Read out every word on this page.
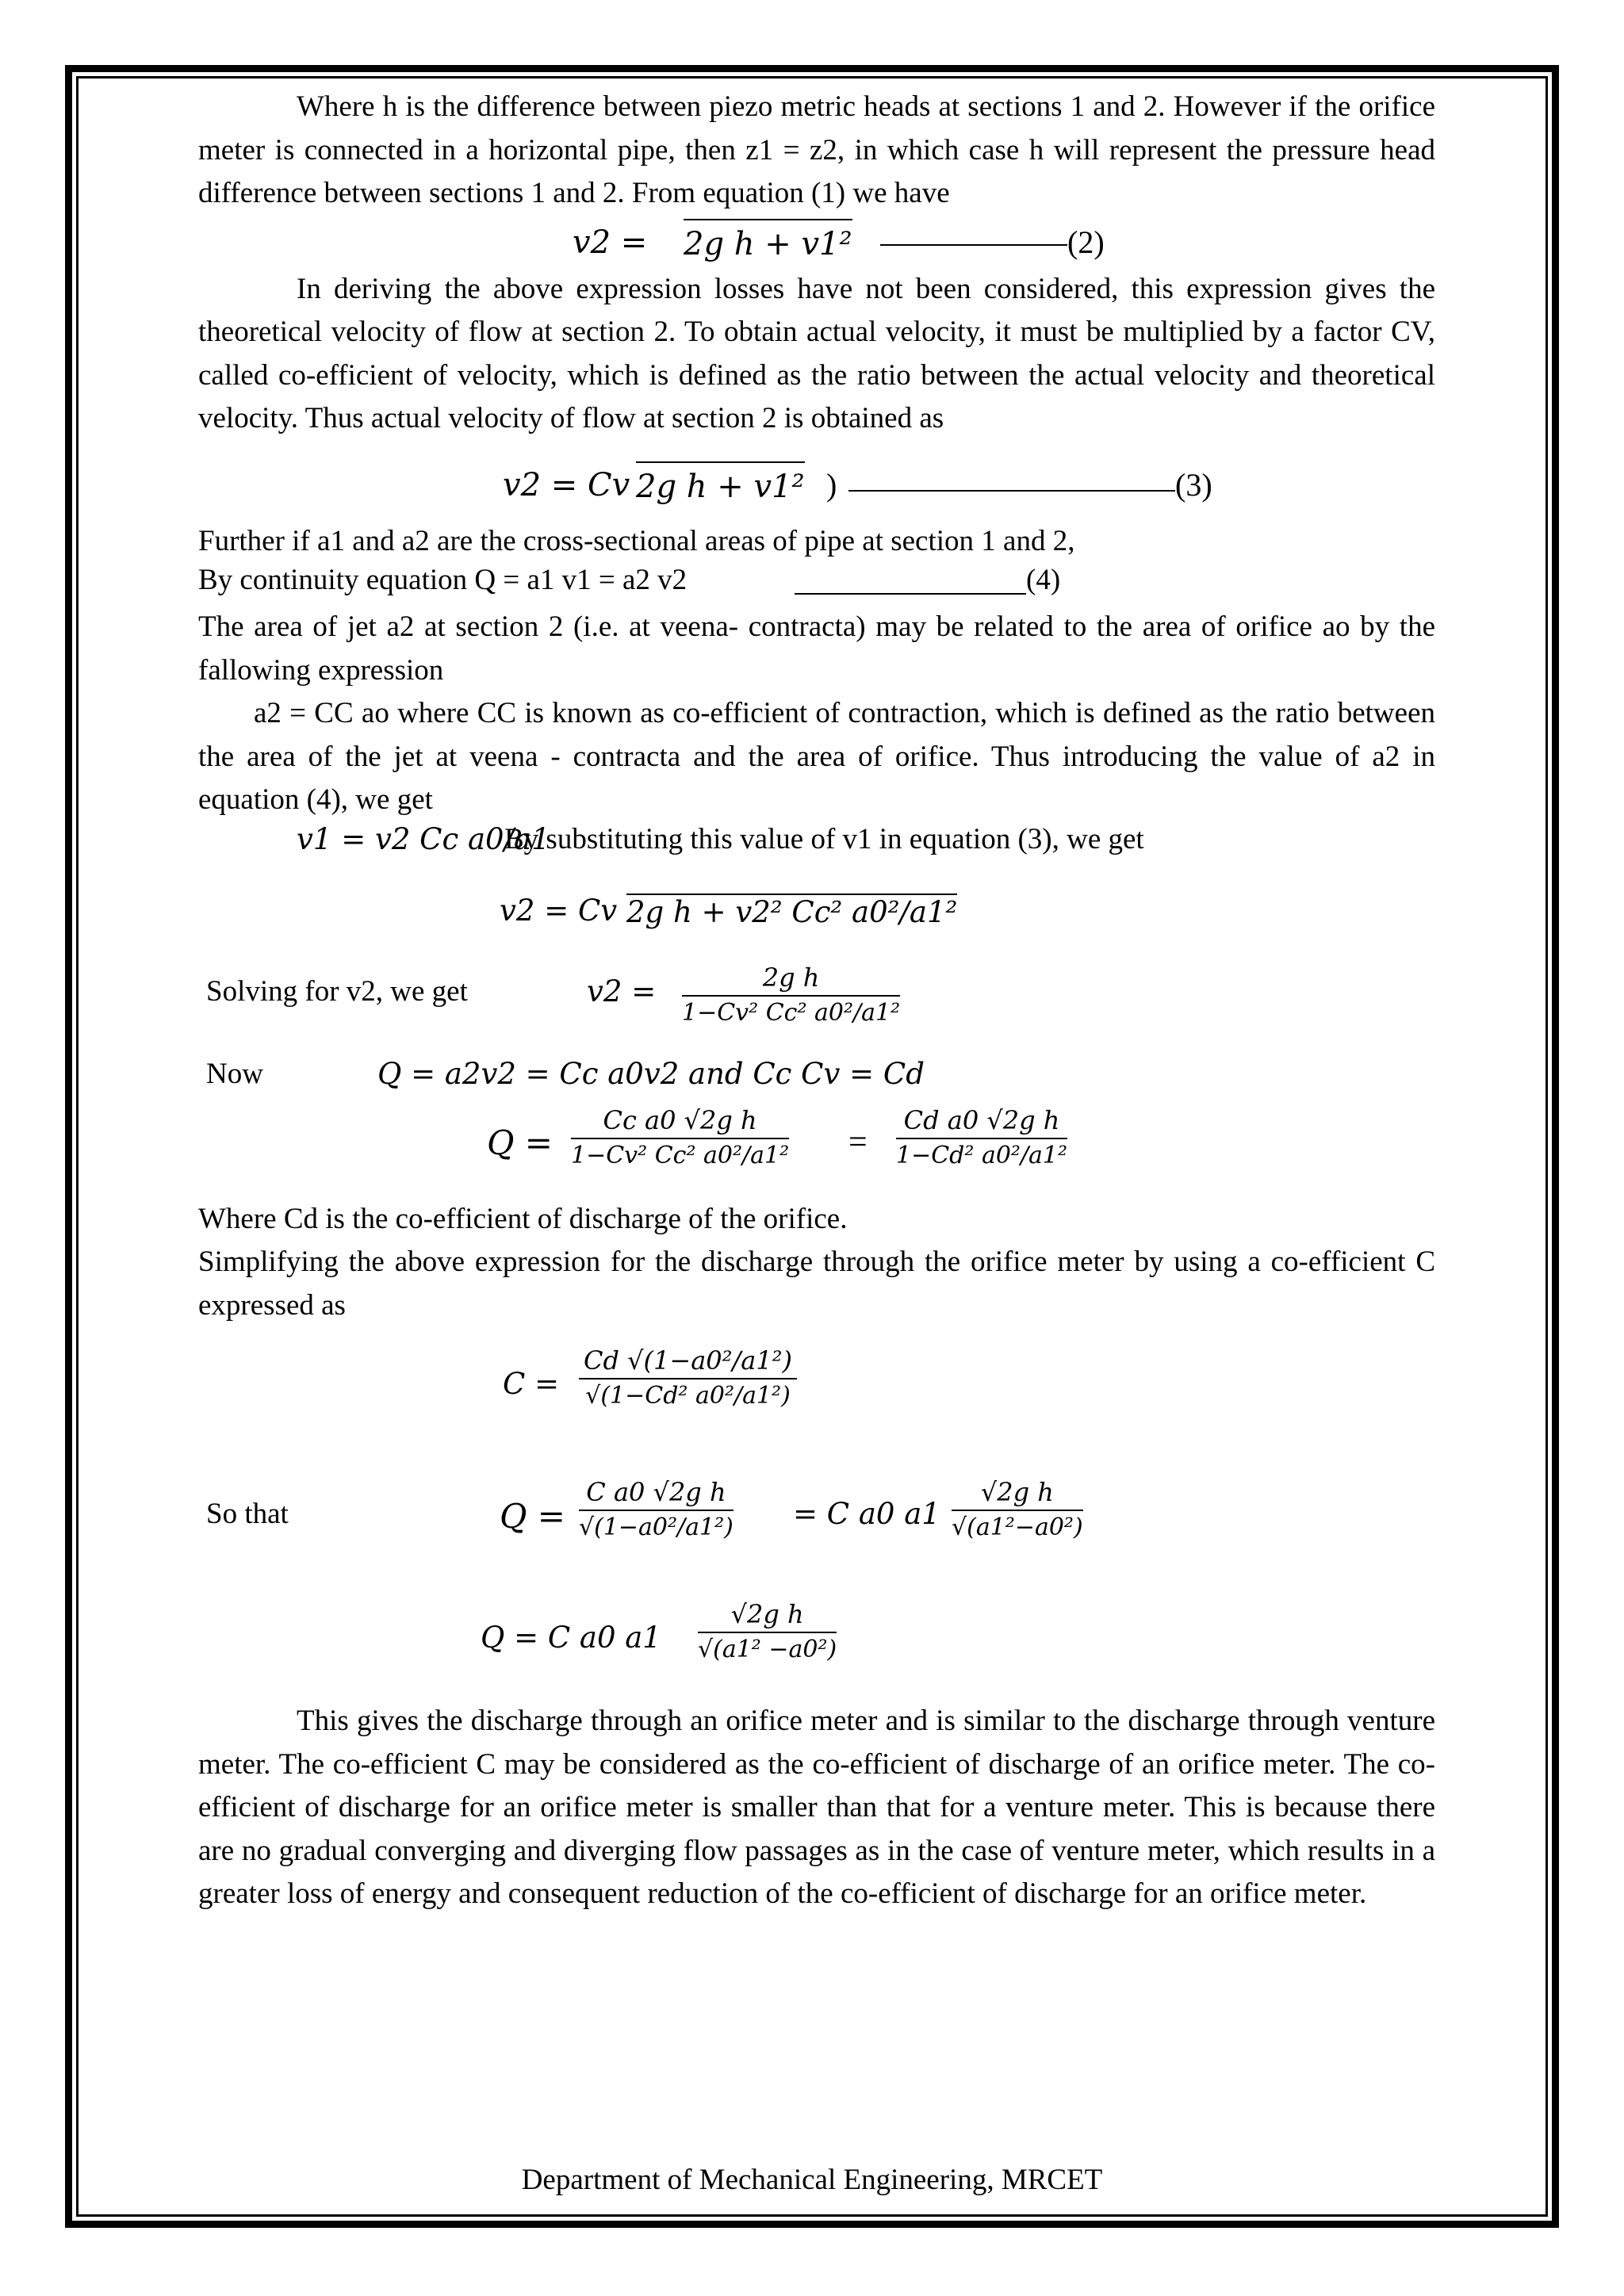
Where h is the difference between piezo metric heads at sections 1 and 2. However if the orifice meter is connected in a horizontal pipe, then z1 = z2, in which case h will represent the pressure head difference between sections 1 and 2. From equation (1) we have

v2 = 2g h + v1²	(2)

In deriving the above expression losses have not been considered, this expression gives the theoretical velocity of flow at section 2. To obtain actual velocity, it must be multiplied by a factor CV, called co-efficient of velocity, which is defined as the ratio between the actual velocity and theoretical velocity. Thus actual velocity of flow at section 2 is obtained as

v2 = Cv 2g h + v1² )	(3)

Further if a1 and a2 are the cross-sectional areas of pipe at section 1 and 2,

By continuity equation Q = a1 v1 = a2 v2	(4)

The area of jet a2 at section 2 (i.e. at veena- contracta) may be related to the area of orifice ao by the fallowing expression

a2 = CC ao where CC is known as co-efficient of contraction, which is defined as the ratio between the area of the jet at veena - contracta and the area of orifice. Thus introducing the value of a2 in equation (4), we get

v1 = v2 Cc a0/a1
By substituting this value of v1 in equation (3), we get
v2 = Cv 2g h + v2² Cc² a0²/a1²
Solving for v2, we get	$v2 = \frac{\text{2g h}}{\text{1−Cv² Cc² a0²/a1²}}$
Now	Q = a2v2 = Cc a0v2 and Cc Cv = Cd
$Q = \frac{\text{Cc a0 √2g h}}{\text{1−Cv² Cc² a0²/a1²}} = \frac{\text{Cd a0 √2g h}}{\text{1−Cd² a0²/a1²}}$

Where Cd is the co-efficient of discharge of the orifice.

Simplifying the above expression for the discharge through the orifice meter by using a co-efficient C expressed as

$C = \frac{\text{Cd √(1−a0²/a1²)}}{\text{√(1−Cd² a0²/a1²)}}$
So that	$Q = \frac{\text{C a0 √2g h}}{\text{√(1−a0²/a1²)}} = C$ a0 $a1 \frac{\text{√2g h}}{\text{√(a1²−a0²)}}$
Q = C a0 $a1 \frac{\text{√2g h}}{\text{√(a1² −a0²)}}$

This gives the discharge through an orifice meter and is similar to the discharge through venture meter. The co-efficient C may be considered as the co-efficient of discharge of an orifice meter. The co-efficient of discharge for an orifice meter is smaller than that for a venture meter. This is because there are no gradual converging and diverging flow passages as in the case of venture meter, which results in a greater loss of energy and consequent reduction of the co-efficient of discharge for an orifice meter.

Department of Mechanical Engineering, MRCET
